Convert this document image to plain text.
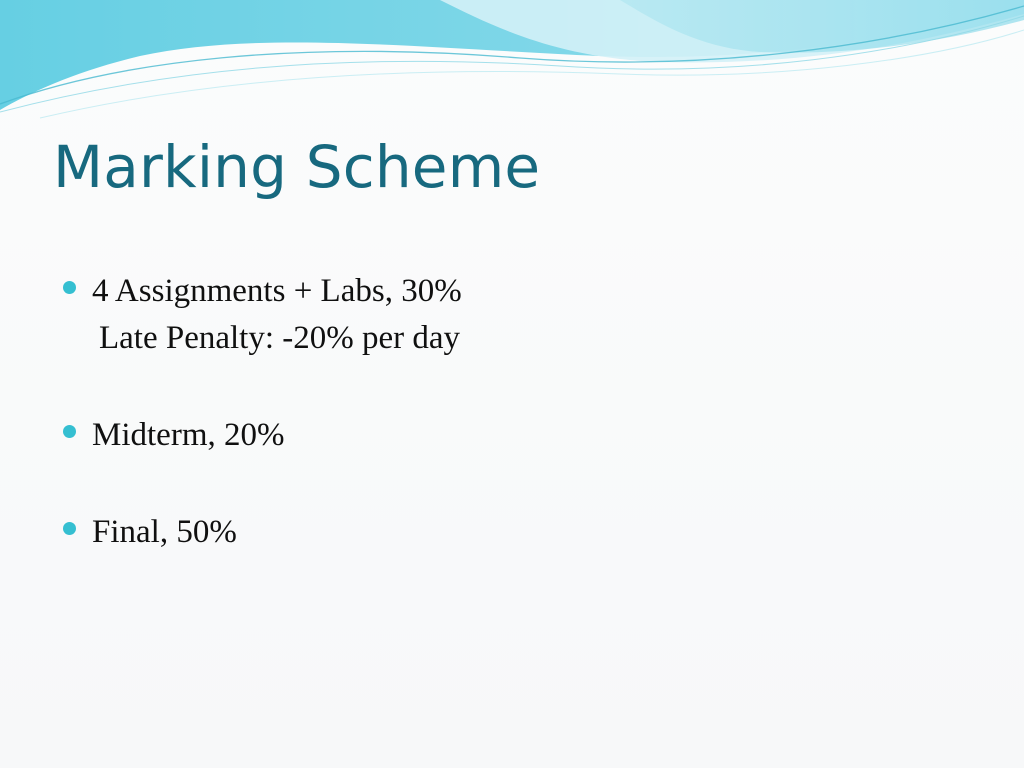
Marking Scheme
4 Assignments + Labs, 30%
Late Penalty: -20% per day
Midterm, 20%
Final, 50%
